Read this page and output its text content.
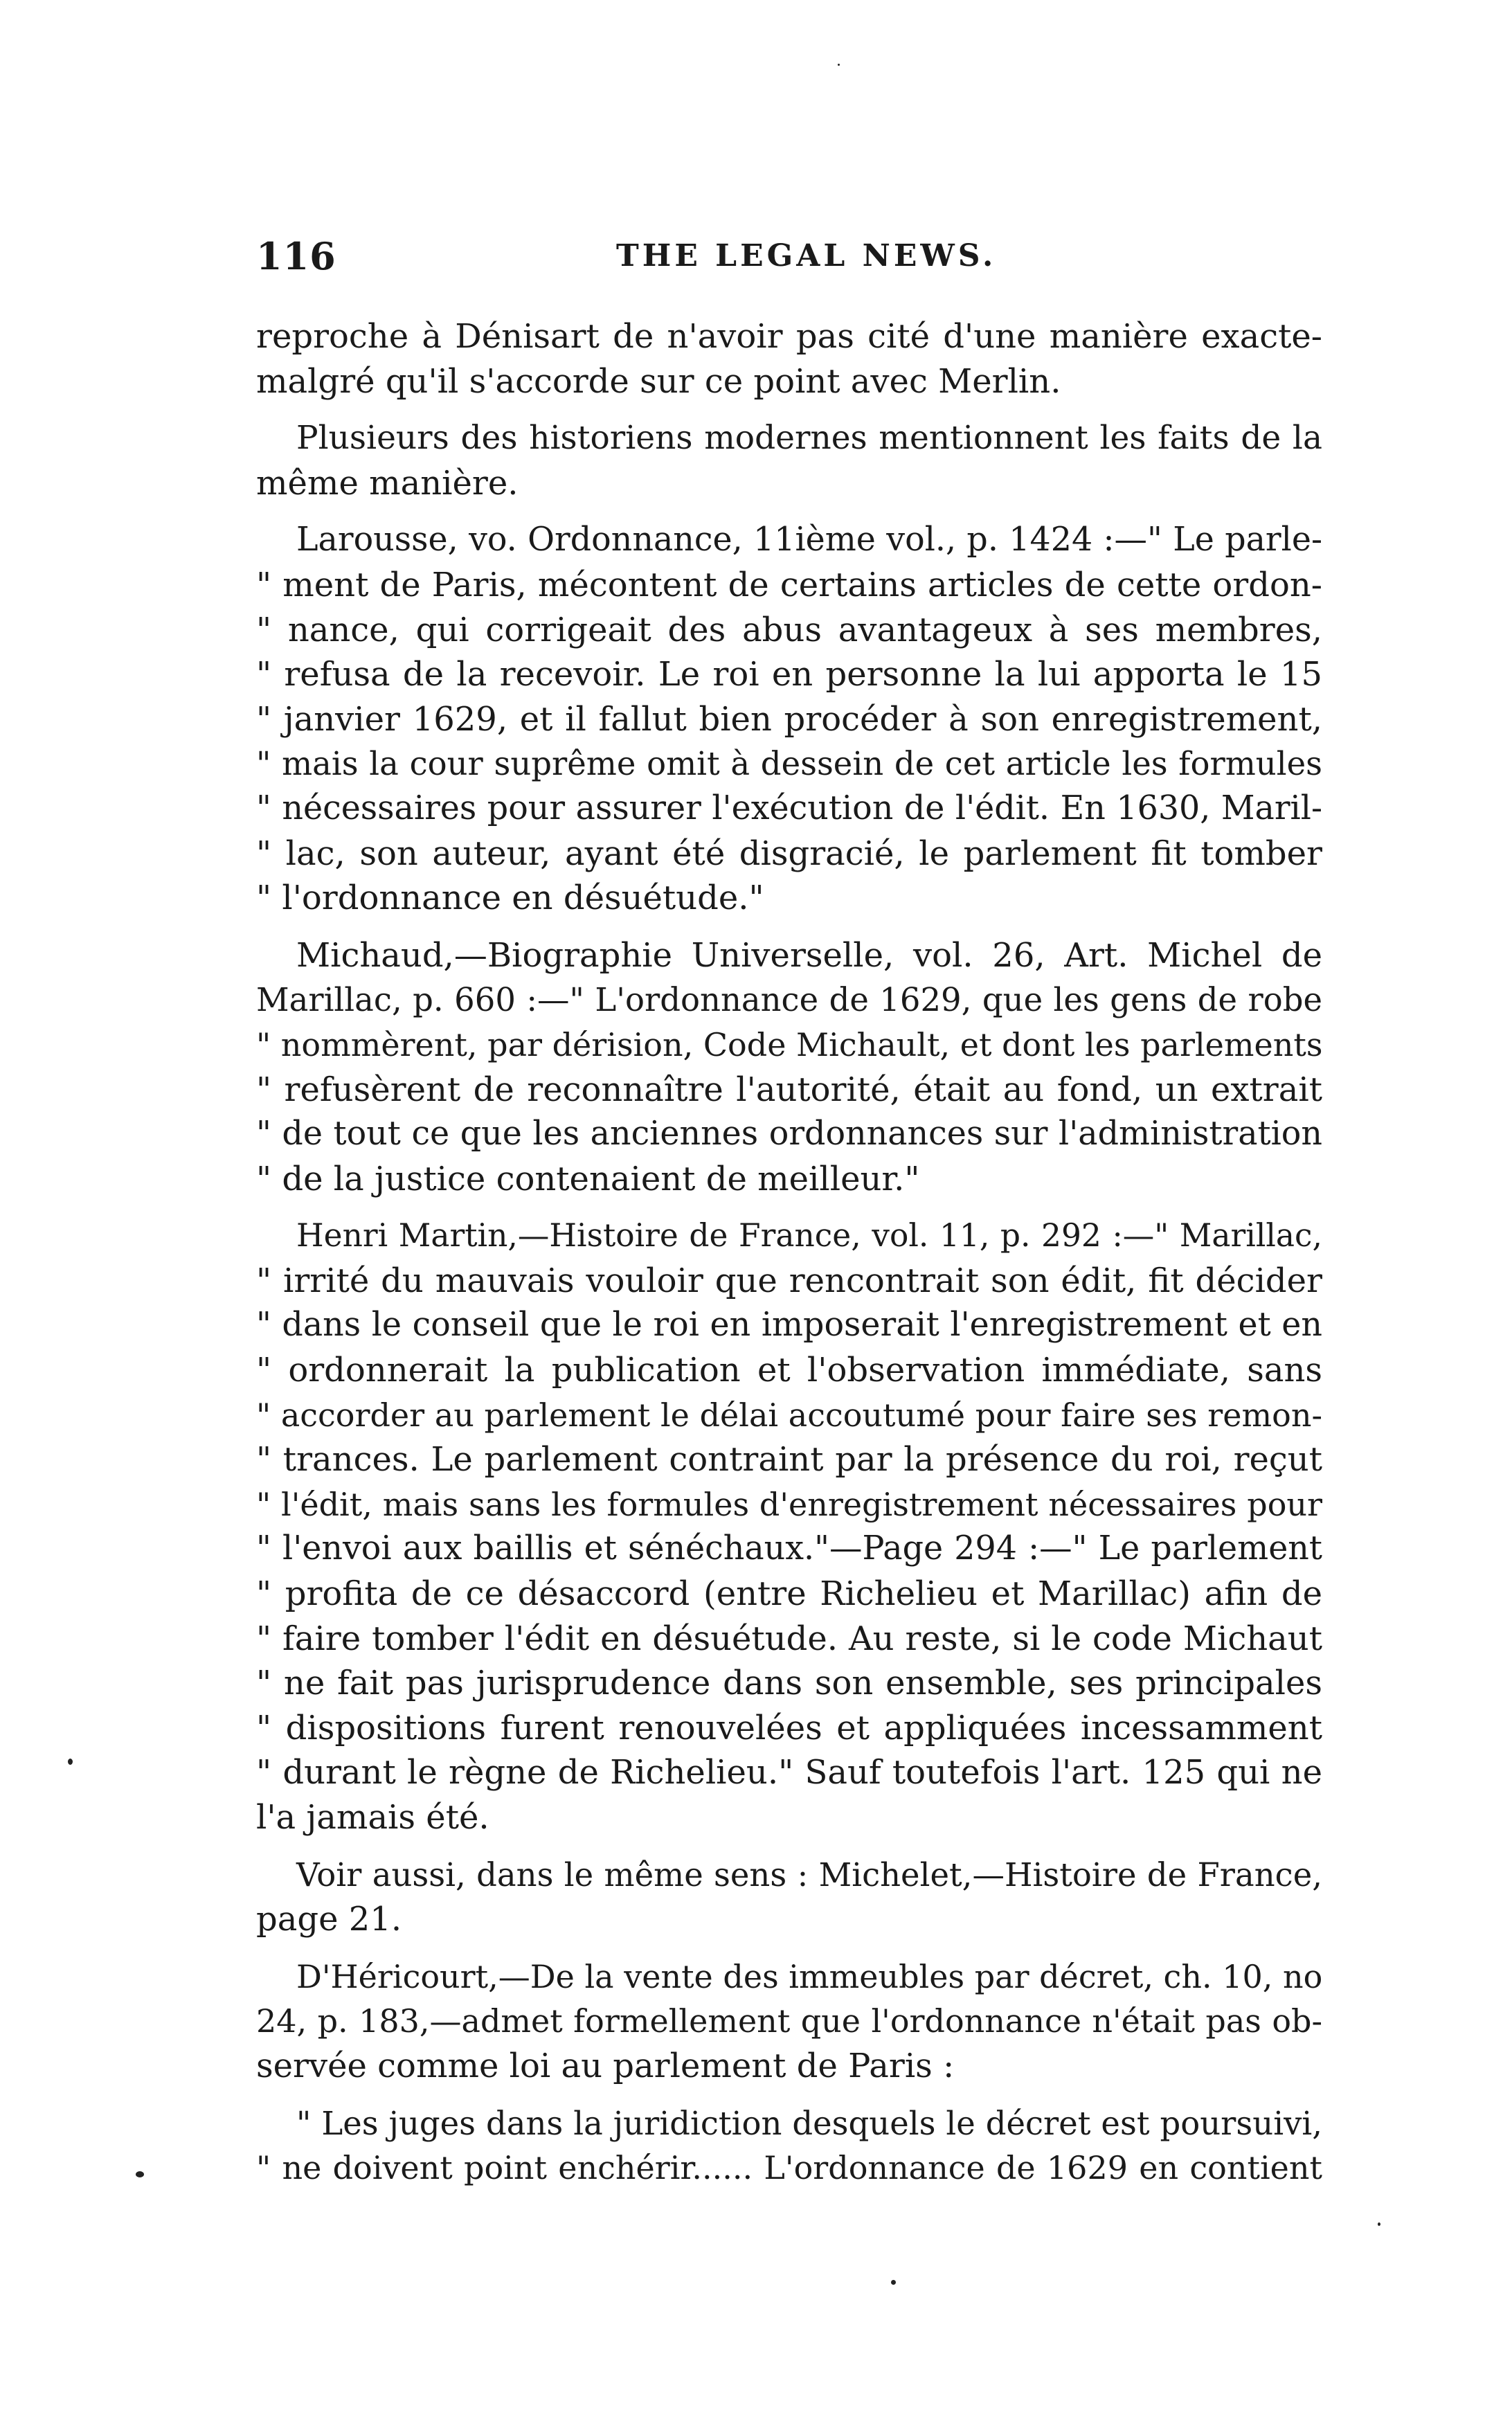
116	THE LEGAL NEWS.
reproche à Dénisart de n'avoir pas cité d'une manière exacte-
malgré qu'il s'accorde sur ce point avec Merlin.
Plusieurs des historiens modernes mentionnent les faits de la
même manière.
Larousse, vo. Ordonnance, 11ième vol., p. 1424 :—" Le parle-
" ment de Paris, mécontent de certains articles de cette ordon-
" nance, qui corrigeait des abus avantageux à ses membres,
" refusa de la recevoir. Le roi en personne la lui apporta le 15
" janvier 1629, et il fallut bien procéder à son enregistrement,
" mais la cour suprême omit à dessein de cet article les formules
" nécessaires pour assurer l'exécution de l'édit. En 1630, Maril-
" lac, son auteur, ayant été disgracié, le parlement fit tomber
" l'ordonnance en désuétude."
Michaud,—Biographie Universelle, vol. 26, Art. Michel de
Marillac, p. 660 :—" L'ordonnance de 1629, que les gens de robe
" nommèrent, par dérision, Code Michault, et dont les parlements
" refusèrent de reconnaître l'autorité, était au fond, un extrait
" de tout ce que les anciennes ordonnances sur l'administration
" de la justice contenaient de meilleur."
Henri Martin,—Histoire de France, vol. 11, p. 292 :—" Marillac,
" irrité du mauvais vouloir que rencontrait son édit, fit décider
" dans le conseil que le roi en imposerait l'enregistrement et en
" ordonnerait la publication et l'observation immédiate, sans
" accorder au parlement le délai accoutumé pour faire ses remon-
" trances. Le parlement contraint par la présence du roi, reçut
" l'édit, mais sans les formules d'enregistrement nécessaires pour
" l'envoi aux baillis et sénéchaux."—Page 294 :—" Le parlement
" profita de ce désaccord (entre Richelieu et Marillac) afin de
" faire tomber l'édit en désuétude. Au reste, si le code Michaut
" ne fait pas jurisprudence dans son ensemble, ses principales
" dispositions furent renouvelées et appliquées incessamment
" durant le règne de Richelieu." Sauf toutefois l'art. 125 qui ne
l'a jamais été.
Voir aussi, dans le même sens : Michelet,—Histoire de France,
page 21.
D'Héricourt,—De la vente des immeubles par décret, ch. 10, no
24, p. 183,—admet formellement que l'ordonnance n'était pas ob-
servée comme loi au parlement de Paris :
" Les juges dans la juridiction desquels le décret est poursuivi,
" ne doivent point enchérir...... L'ordonnance de 1629 en contient
